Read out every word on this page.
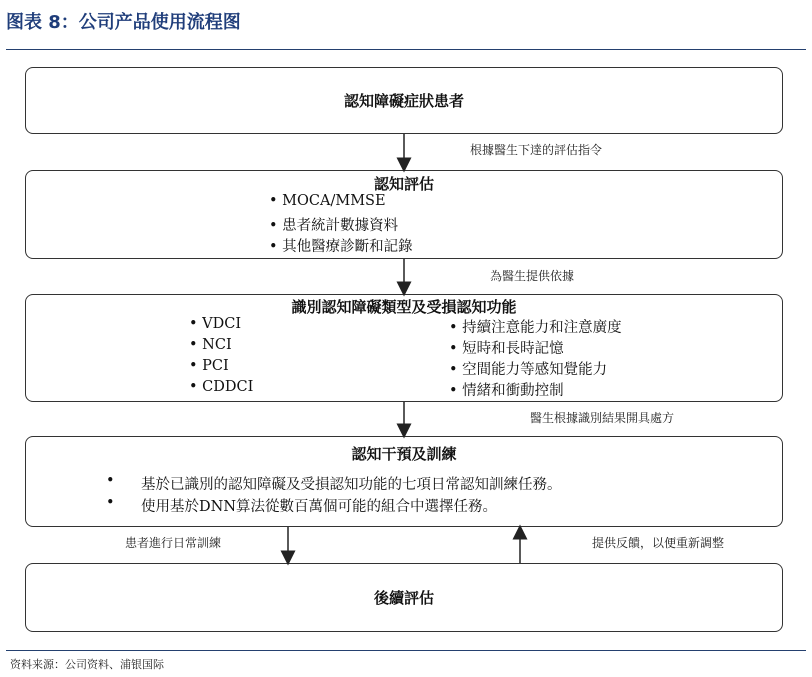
图表 8：公司产品使用流程图
認知障礙症狀患者
認知評估
• MOCA/MMSE
• 患者統計數據資料
• 其他醫療診斷和記錄
識別認知障礙類型及受損認知功能
• VDCI
• NCI
• PCI
• CDDCI
• 持續注意能力和注意廣度
• 短時和長時記憶
• 空間能力等感知覺能力
• 情緒和衝動控制
認知干預及訓練
• 基於已識別的認知障礙及受損認知功能的七項日常認知訓練任務。
• 使用基於DNN算法從數百萬個可能的組合中選擇任務。
後續評估
根據醫生下達的評估指令
為醫生提供依據
醫生根據識別結果開具處方
患者進行日常訓練	提供反饋，以便重新調整
资料来源：公司资料、浦银国际
